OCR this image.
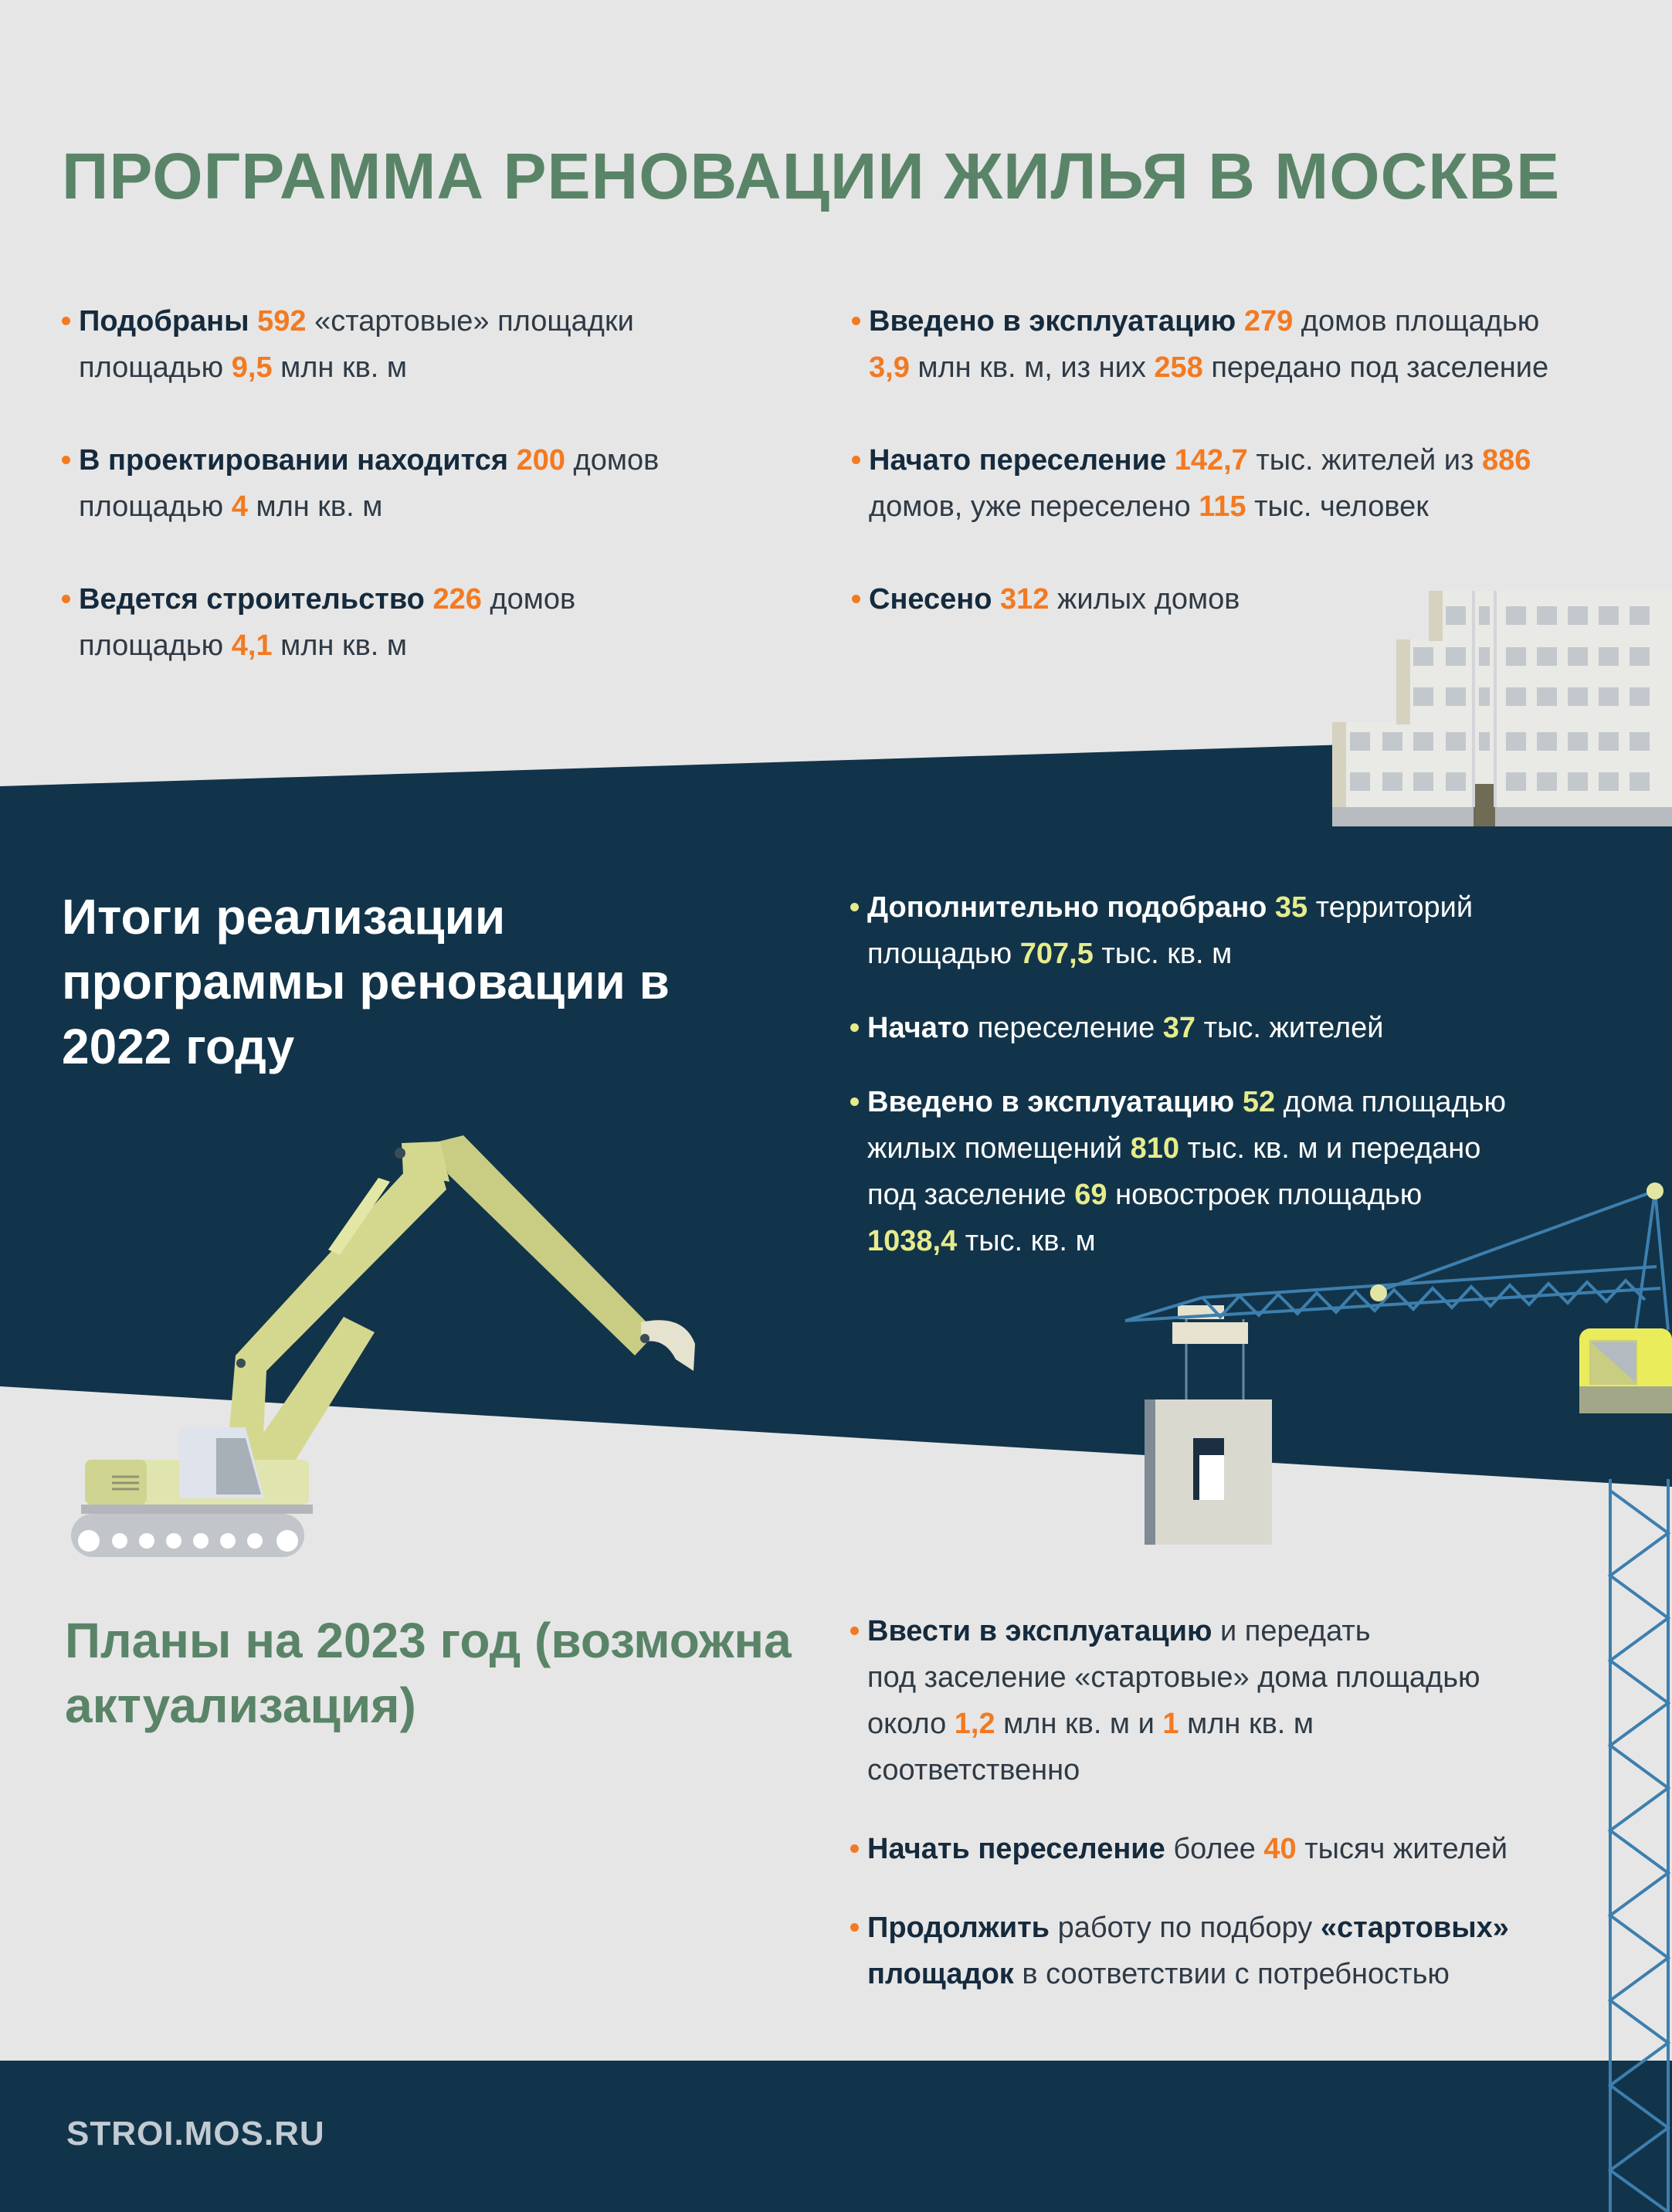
ПРОГРАММА РЕНОВАЦИИ ЖИЛЬЯ В МОСКВЕ
Подобраны 592 «стартовые» площадки
площадью 9,5 млн кв. м
В проектировании находится 200 домов
площадью 4 млн кв. м
Ведется строительство 226 домов
площадью 4,1 млн кв. м
Введено в эксплуатацию 279 домов площадью
3,9 млн кв. м, из них 258 передано под заселение
Начато переселение 142,7 тыс. жителей из 886
домов, уже переселено 115 тыс. человек
Снесено 312 жилых домов
Итоги реализации программы реновации в 2022 году
Дополнительно подобрано 35 территорий
площадью 707,5 тыс. кв. м
Начато переселение 37 тыс. жителей
Введено в эксплуатацию 52 дома площадью
жилых помещений 810 тыс. кв. м и передано
под заселение 69 новостроек площадью
1038,4 тыс. кв. м
Планы на 2023 год (возможна актуализация)
Ввести в эксплуатацию и передать
под заселение «стартовые» дома площадью
около 1,2 млн кв. м и 1 млн кв. м
соответственно
Начать переселение более 40 тысяч жителей
Продолжить работу по подбору «стартовых»
площадок в соответствии с потребностью
STROI.MOS.RU
